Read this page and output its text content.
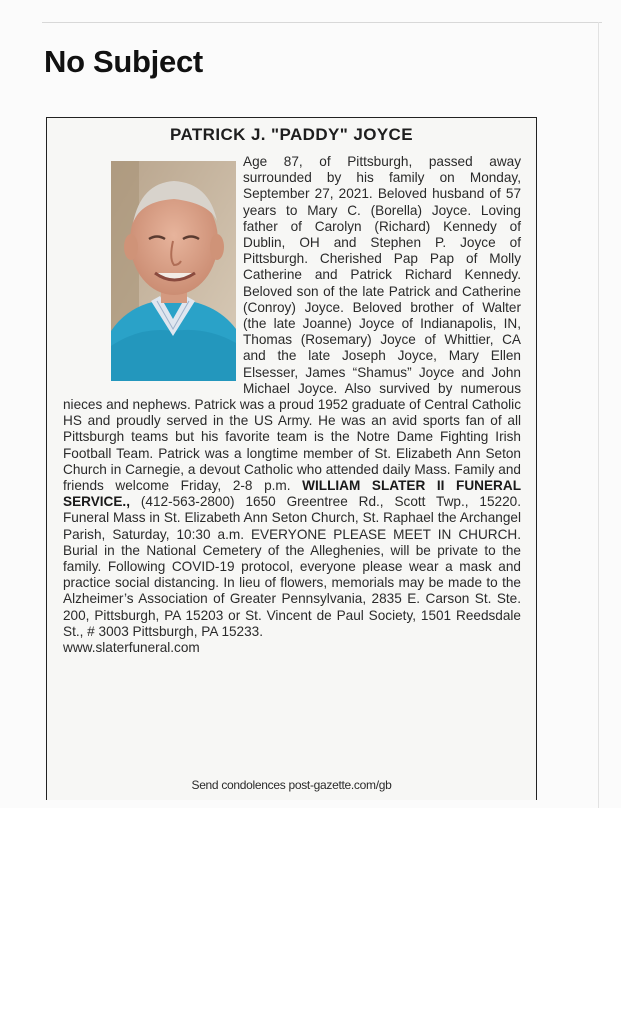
No Subject
PATRICK J. "PADDY" JOYCE

Age 87, of Pittsburgh, passed away surrounded by his family on Monday, September 27, 2021. Beloved husband of 57 years to Mary C. (Borella) Joyce. Loving father of Carolyn (Richard) Kennedy of Dublin, OH and Stephen P. Joyce of Pittsburgh. Cherished Pap Pap of Molly Catherine and Patrick Richard Kennedy. Beloved son of the late Patrick and Catherine (Conroy) Joyce. Beloved brother of Walter (the late Joanne) Joyce of Indianapolis, IN, Thomas (Rosemary) Joyce of Whittier, CA and the late Joseph Joyce, Mary Ellen Elsesser, James “Shamus” Joyce and John Michael Joyce. Also survived by numerous nieces and nephews. Patrick was a proud 1952 graduate of Central Catholic HS and proudly served in the US Army. He was an avid sports fan of all Pittsburgh teams but his favorite team is the Notre Dame Fighting Irish Football Team. Patrick was a longtime member of St. Elizabeth Ann Seton Church in Carnegie, a devout Catholic who attended daily Mass. Family and friends welcome Friday, 2-8 p.m. WILLIAM SLATER II FUNERAL SERVICE., (412-563-2800) 1650 Greentree Rd., Scott Twp., 15220. Funeral Mass in St. Elizabeth Ann Seton Church, St. Raphael the Archangel Parish, Saturday, 10:30 a.m. EVERYONE PLEASE MEET IN CHURCH. Burial in the National Cemetery of the Alleghenies, will be private to the family. Following COVID-19 protocol, everyone please wear a mask and practice social distancing. In lieu of flowers, memorials may be made to the Alzheimer’s Association of Greater Pennsylvania, 2835 E. Carson St. Ste. 200, Pittsburgh, PA 15203 or St. Vincent de Paul Society, 1501 Reedsdale St., # 3003 Pittsburgh, PA 15233.
www.slaterfuneral.com

Send condolences post-gazette.com/gb
